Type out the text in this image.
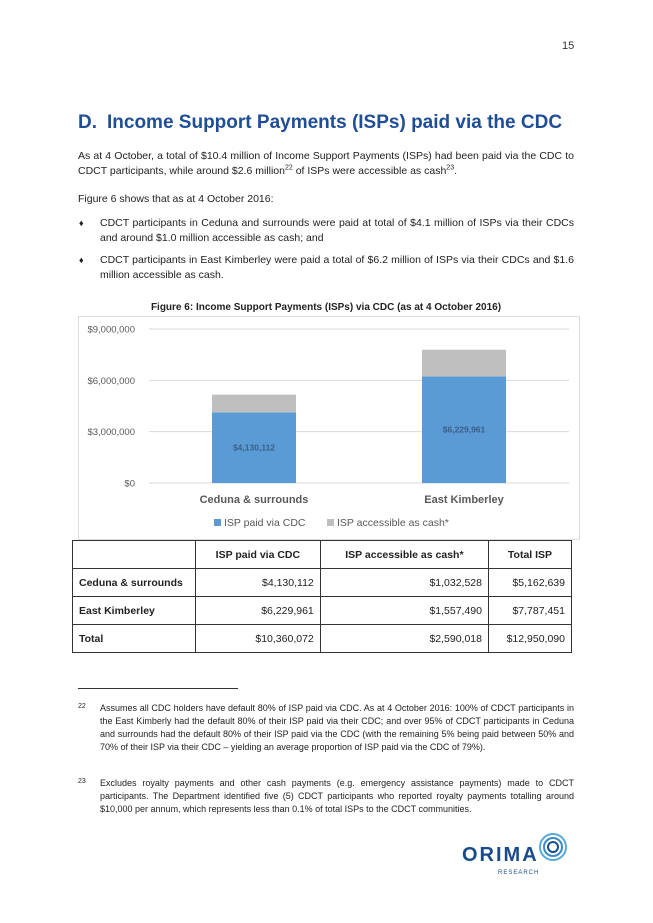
15
D. Income Support Payments (ISPs) paid via the CDC

As at 4 October, a total of $10.4 million of Income Support Payments (ISPs) had been paid via the CDC to CDCT participants, while around $2.6 million$^{22}$ of ISPs were accessible as cash$^{23}$.

Figure 6 shows that as at 4 October 2016:

♦ CDCT participants in Ceduna and surrounds were paid at total of $4.1 million of ISPs via their CDCs and around $1.0 million accessible as cash; and
♦ CDCT participants in East Kimberley were paid a total of $6.2 million of ISPs via their CDCs and $1.6 million accessible as cash.
Figure 6: Income Support Payments (ISPs) via CDC (as at 4 October 2016)
$0
$3,000,000
$6,000,000
$9,000,000
$4,130,112
Ceduna & surrounds
$6,229,961
East Kimberley
ISP paid via CDC	ISP accessible as cash*
	ISP paid via CDC	ISP accessible as cash*	Total ISP
Ceduna & surrounds	$4,130,112	$1,032,528	$5,162,639
East Kimberley	$6,229,961	$1,557,490	$7,787,451
Total	$10,360,072	$2,590,018	$12,950,090
22 Assumes all CDC holders have default 80% of ISP paid via CDC. As at 4 October 2016: 100% of CDCT participants in the East Kimberly had the default 80% of their ISP paid via their CDC; and over 95% of CDCT participants in Ceduna and surrounds had the default 80% of their ISP paid via the CDC (with the remaining 5% being paid between 50% and 70% of their ISP via their CDC – yielding an average proportion of ISP paid via the CDC of 79%).
23 Excludes royalty payments and other cash payments (e.g. emergency assistance payments) made to CDCT participants. The Department identified five (5) CDCT participants who reported royalty payments totalling around $10,000 per annum, which represents less than 0.1% of total ISPs to the CDCT communities.
ORIMA
RESEARCH
